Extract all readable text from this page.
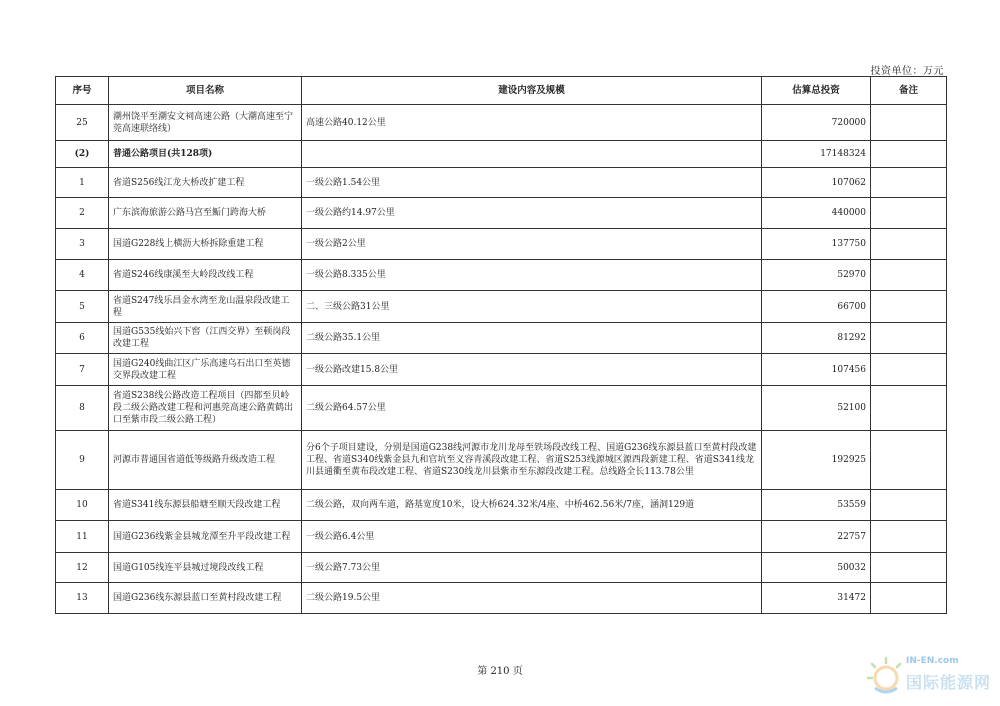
投资单位：万元
序号	项目名称	建设内容及规模	估算总投资	备注
25	潮州饶平至潮安文祠高速公路（大潮高速至宁莞高速联络线）	高速公路40.12公里	720000	
(2)	普通公路项目(共128项)		17148324	
1	省道S256线江龙大桥改扩建工程	一级公路1.54公里	107062	
2	广东滨海旅游公路马宫至鲘门跨海大桥	一级公路约14.97公里	440000	
3	国道G228线上横沥大桥拆除重建工程	一级公路2公里	137750	
4	省道S246线康溪至大岭段改线工程	一级公路8.335公里	52970	
5	省道S247线乐昌金水湾至龙山温泉段改建工程	二、三级公路31公里	66700	
6	国道G535线始兴下窖（江西交界）至顿岗段改建工程	二级公路35.1公里	81292	
7	国道G240线曲江区广乐高速乌石出口至英德交界段改建工程	一级公路改建15.8公里	107456	
8	省道S238线公路改造工程项目（四都至贝岭段二级公路改建工程和河惠莞高速公路黄鹤出口至紫市段二级公路工程）	二级公路64.57公里	52100	
9	河源市普通国省道低等级路升级改造工程	分6个子项目建设，分别是国道G238线河源市龙川龙母至铁场段改线工程、国道G236线东源县蓝口至黄村段改建工程、省道S340线紫金县九和官坑至义容青溪段改建工程、省道S253线源城区源西段新建工程、省道S341线龙川县通衢至黄布段改建工程、省道S230线龙川县紫市至东源段改建工程。总线路全长113.78公里	192925	
10	省道S341线东源县船塘至顺天段改建工程	二级公路，双向两车道，路基宽度10米，设大桥624.32米/4座、中桥462.56米/7座，涵洞129道	53559	
11	国道G236线紫金县城龙潭至升平段改建工程	一级公路6.4公里	22757	
12	国道G105线连平县城过境段改线工程	一级公路7.73公里	50032	
13	国道G236线东源县蓝口至黄村段改建工程	二级公路19.5公里	31472	
第 210 页
IN-EN.com
国际能源网
